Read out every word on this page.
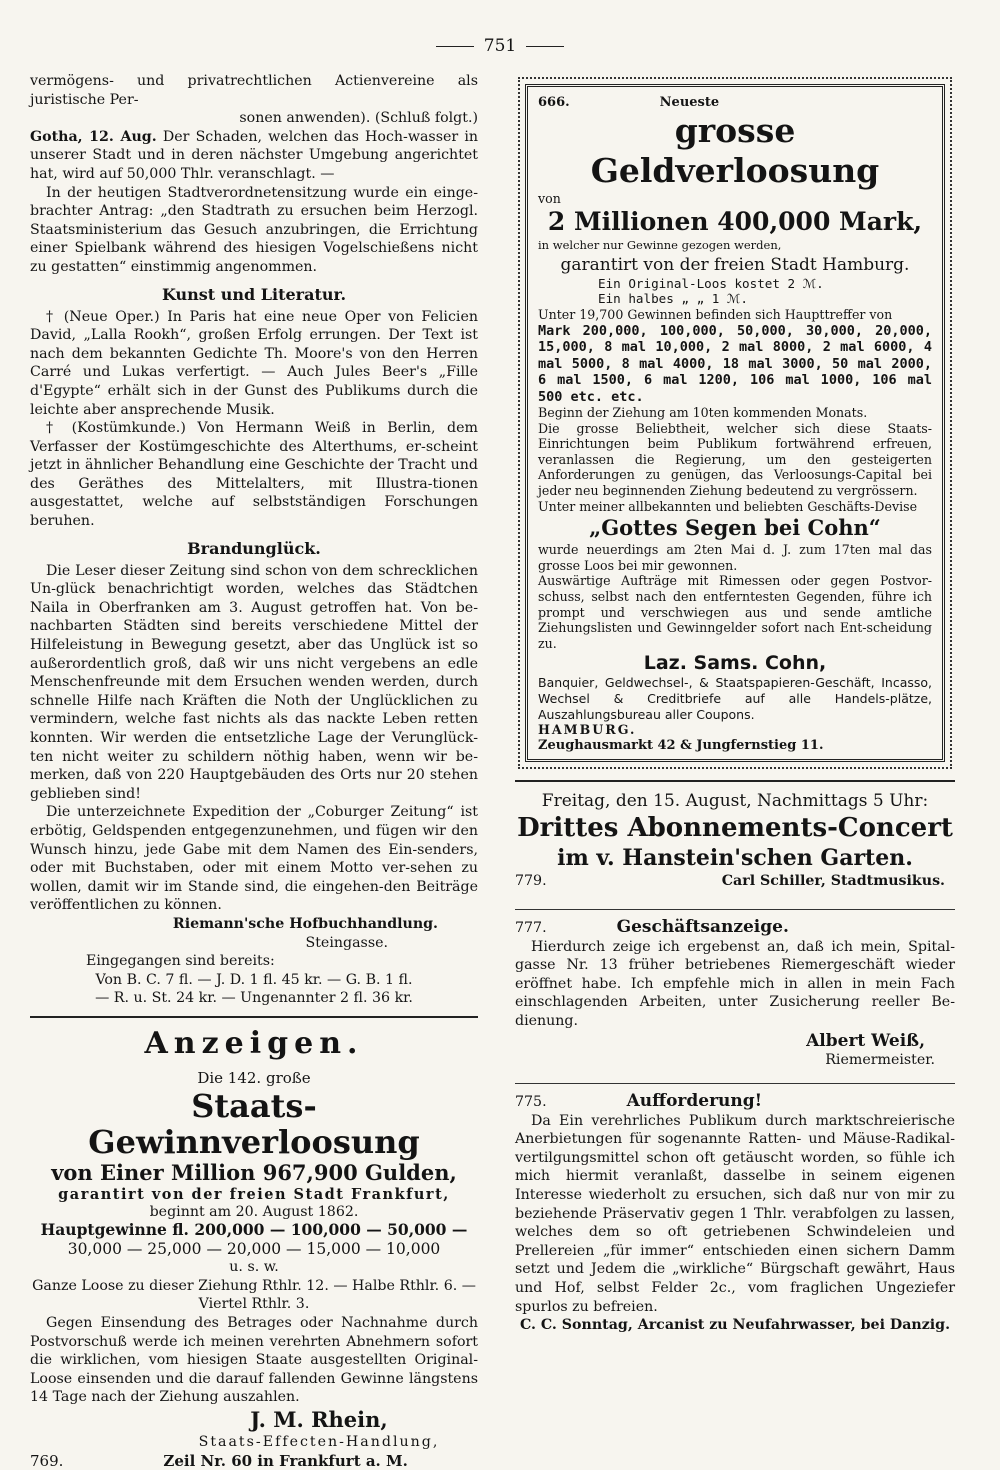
751

vermögens- und privatrechtlichen Actienvereine als juristische Per-

sonen anwenden). (Schluß folgt.)

Gotha, 12. Aug. Der Schaden, welchen das Hoch-wasser in unserer Stadt und in deren nächster Umgebung angerichtet hat, wird auf 50,000 Thlr. veranschlagt. —

In der heutigen Stadtverordnetensitzung wurde ein einge-brachter Antrag: „den Stadtrath zu ersuchen beim Herzogl. Staatsministerium das Gesuch anzubringen, die Errichtung einer Spielbank während des hiesigen Vogelschießens nicht zu gestatten“ einstimmig angenommen.

Kunst und Literatur.

† (Neue Oper.) In Paris hat eine neue Oper von Felicien David, „Lalla Rookh“, großen Erfolg errungen. Der Text ist nach dem bekannten Gedichte Th. Moore's von den Herren Carré und Lukas verfertigt. — Auch Jules Beer's „Fille d'Egypte“ erhält sich in der Gunst des Publikums durch die leichte aber ansprechende Musik.

† (Kostümkunde.) Von Hermann Weiß in Berlin, dem Verfasser der Kostümgeschichte des Alterthums, er-scheint jetzt in ähnlicher Behandlung eine Geschichte der Tracht und des Geräthes des Mittelalters, mit Illustra-tionen ausgestattet, welche auf selbstständigen Forschungen beruhen.

Brandunglück.

Die Leser dieser Zeitung sind schon von dem schrecklichen Un-glück benachrichtigt worden, welches das Städtchen Naila in Oberfranken am 3. August getroffen hat. Von be-nachbarten Städten sind bereits verschiedene Mittel der Hilfeleistung in Bewegung gesetzt, aber das Unglück ist so außerordentlich groß, daß wir uns nicht vergebens an edle Menschenfreunde mit dem Ersuchen wenden werden, durch schnelle Hilfe nach Kräften die Noth der Unglücklichen zu vermindern, welche fast nichts als das nackte Leben retten konnten. Wir werden die entsetzliche Lage der Verunglück-ten nicht weiter zu schildern nöthig haben, wenn wir be-merken, daß von 220 Hauptgebäuden des Orts nur 20 stehen geblieben sind!

Die unterzeichnete Expedition der „Coburger Zeitung“ ist erbötig, Geldspenden entgegenzunehmen, und fügen wir den Wunsch hinzu, jede Gabe mit dem Namen des Ein-senders, oder mit Buchstaben, oder mit einem Motto ver-sehen zu wollen, damit wir im Stande sind, die eingehen-den Beiträge veröffentlichen zu können.

Riemann'sche Hofbuchhandlung.

Steingasse.

Eingegangen sind bereits:

Von B. C. 7 fl. — J. D. 1 fl. 45 kr. — G. B. 1 fl.

— R. u. St. 24 kr. — Ungenannter 2 fl. 36 kr.

Anzeigen.

Die 142. große

Staats-Gewinnverloosung

von Einer Million 967,900 Gulden,

garantirt von der freien Stadt Frankfurt,

beginnt am 20. August 1862.

Hauptgewinne fl. 200,000 — 100,000 — 50,000 —

30,000 — 25,000 — 20,000 — 15,000 — 10,000

u. s. w.

Ganze Loose zu dieser Ziehung Rthlr. 12. — Halbe Rthlr. 6. — Viertel Rthlr. 3.

Gegen Einsendung des Betrages oder Nachnahme durch Postvorschuß werde ich meinen verehrten Abnehmern sofort die wirklichen, vom hiesigen Staate ausgestellten Original-Loose einsenden und die darauf fallenden Gewinne längstens 14 Tage nach der Ziehung auszahlen.

J. M. Rhein,

Staats-Effecten-Handlung,

769.	Zeil Nr. 60 in Frankfurt a. M.

666.	Neueste

grosse Geldverloosung

von

2 Millionen 400,000 Mark,

in welcher nur Gewinne gezogen werden,

garantirt von der freien Stadt Hamburg.

Ein Original-Loos kostet 2 ℳ.

Ein halbes „ „ 1 ℳ.

Unter 19,700 Gewinnen befinden sich Haupttreffer von

Mark 200,000, 100,000, 50,000, 30,000, 20,000, 15,000, 8 mal 10,000, 2 mal 8000, 2 mal 6000, 4 mal 5000, 8 mal 4000, 18 mal 3000, 50 mal 2000, 6 mal 1500, 6 mal 1200, 106 mal 1000, 106 mal 500 etc. etc.

Beginn der Ziehung am 10ten kommenden Monats.

Die grosse Beliebtheit, welcher sich diese Staats-Einrichtungen beim Publikum fortwährend erfreuen, veranlassen die Regierung, um den gesteigerten Anforderungen zu genügen, das Verloosungs-Capital bei jeder neu beginnenden Ziehung bedeutend zu vergrössern.

Unter meiner allbekannten und beliebten Geschäfts-Devise

„Gottes Segen bei Cohn“

wurde neuerdings am 2ten Mai d. J. zum 17ten mal das grosse Loos bei mir gewonnen.

Auswärtige Aufträge mit Rimessen oder gegen Postvor-schuss, selbst nach den entferntesten Gegenden, führe ich prompt und verschwiegen aus und sende amtliche Ziehungslisten und Gewinngelder sofort nach Ent-scheidung zu.

Laz. Sams. Cohn,

Banquier, Geldwechsel-, & Staatspapieren-Geschäft, Incasso, Wechsel & Creditbriefe auf alle Handels-plätze, Auszahlungsbureau aller Coupons.

HAMBURG.

Zeughausmarkt 42 & Jungfernstieg 11.

Freitag, den 15. August, Nachmittags 5 Uhr:

Drittes Abonnements-Concert

im v. Hanstein'schen Garten.

779.	Carl Schiller, Stadtmusikus.

777.	Geschäftsanzeige.

Hierdurch zeige ich ergebenst an, daß ich mein, Spital-gasse Nr. 13 früher betriebenes Riemergeschäft wieder eröffnet habe. Ich empfehle mich in allen in mein Fach einschlagenden Arbeiten, unter Zusicherung reeller Be-dienung.

Albert Weiß,

Riemermeister.

775.	Aufforderung!

Da Ein verehrliches Publikum durch marktschreierische Anerbietungen für sogenannte Ratten- und Mäuse-Radikal-vertilgungsmittel schon oft getäuscht worden, so fühle ich mich hiermit veranlaßt, dasselbe in seinem eigenen Interesse wiederholt zu ersuchen, sich daß nur von mir zu beziehende Präservativ gegen 1 Thlr. verabfolgen zu lassen, welches dem so oft getriebenen Schwindeleien und Prellereien „für immer“ entschieden einen sichern Damm setzt und Jedem die „wirkliche“ Bürgschaft gewährt, Haus und Hof, selbst Felder 2c., vom fraglichen Ungeziefer spurlos zu befreien.

C. C. Sonntag, Arcanist zu Neufahrwasser, bei Danzig.
